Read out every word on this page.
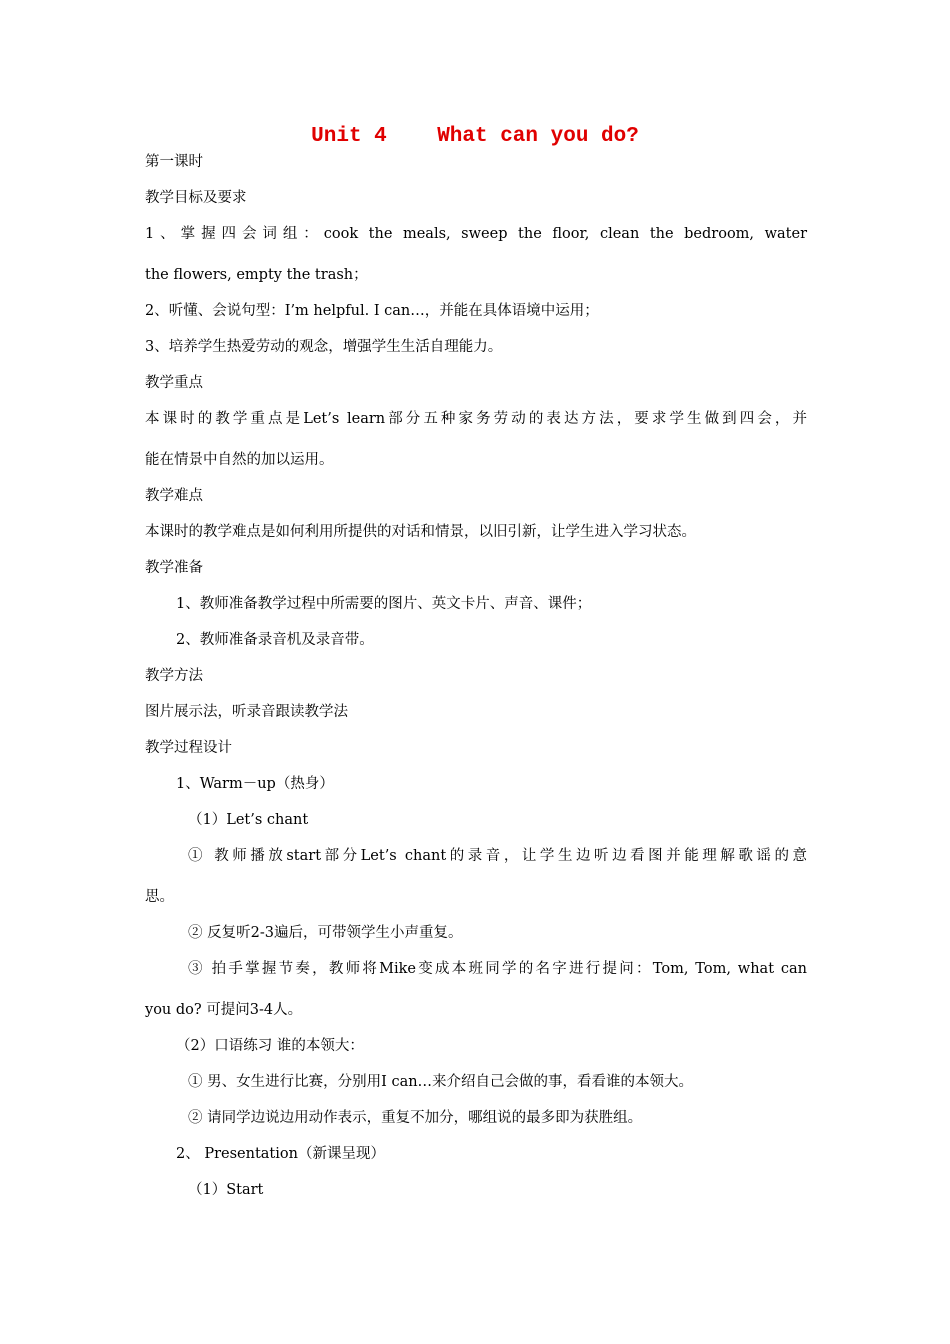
Unit 4    What can you do?
第一课时
教学目标及要求
1、掌握四会词组：cook the meals, sweep the floor, clean the bedroom, water
the flowers, empty the trash；
2、听懂、会说句型：I’m helpful. I can…，并能在具体语境中运用；
3、培养学生热爱劳动的观念，增强学生生活自理能力。
教学重点
本课时的教学重点是Let’s learn部分五种家务劳动的表达方法，要求学生做到四会，并
能在情景中自然的加以运用。
教学难点
本课时的教学难点是如何利用所提供的对话和情景，以旧引新，让学生进入学习状态。
教学准备
1、教师准备教学过程中所需要的图片、英文卡片、声音、课件；
2、教师准备录音机及录音带。
教学方法
图片展示法，听录音跟读教学法
教学过程设计
1、Warm－up（热身）
（1）Let’s chant
① 教师播放start部分Let’s chant的录音，让学生边听边看图并能理解歌谣的意
思。
② 反复听2-3遍后，可带领学生小声重复。
③ 拍手掌握节奏，教师将Mike变成本班同学的名字进行提问：Tom, Tom, what can
you do? 可提问3-4人。
（2）口语练习 谁的本领大：
① 男、女生进行比赛，分别用I can…来介绍自己会做的事，看看谁的本领大。
② 请同学边说边用动作表示，重复不加分，哪组说的最多即为获胜组。
2、 Presentation（新课呈现）
（1）Start
